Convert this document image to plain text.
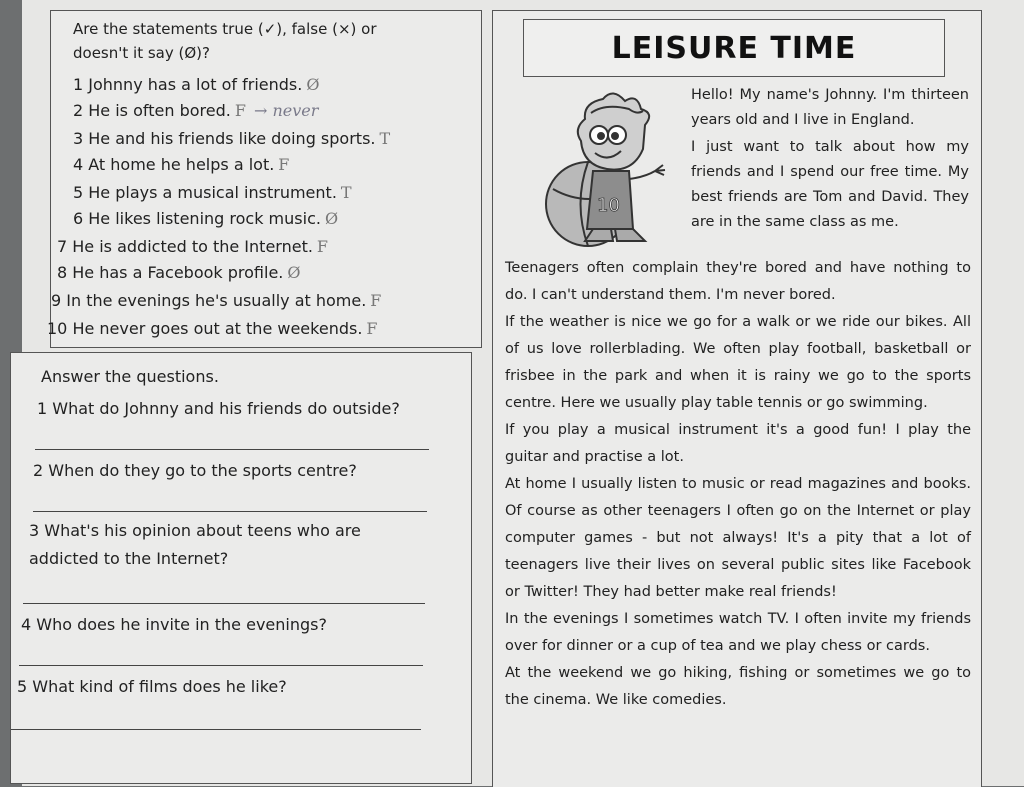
Are the statements true (✓), false (×) or doesn't it say (Ø)?

1 Johnny has a lot of friends. Ø
2 He is often bored. F → never
3 He and his friends like doing sports. T
4 At home he helps a lot. F
5 He plays a musical instrument. T
6 He likes listening rock music. Ø
7 He is addicted to the Internet. F
8 He has a Facebook profile. Ø
9 In the evenings he's usually at home. F
10 He never goes out at the weekends. F
Answer the questions.
1 What do Johnny and his friends do outside?
2 When do they go to the sports centre?
3 What's his opinion about teens who are addicted to the Internet?
4 Who does he invite in the evenings?
5 What kind of films does he like?
LEISURE TIME
10

Hello! My name's Johnny. I'm thirteen years old and I live in England.

I just want to talk about how my friends and I spend our free time. My best friends are Tom and David. They are in the same class as me.

Teenagers often complain they're bored and have nothing to do. I can't understand them. I'm never bored.

If the weather is nice we go for a walk or we ride our bikes. All of us love rollerblading. We often play football, basketball or frisbee in the park and when it is rainy we go to the sports centre. Here we usually play table tennis or go swimming.

If you play a musical instrument it's a good fun! I play the guitar and practise a lot.

At home I usually listen to music or read magazines and books. Of course as other teenagers I often go on the Internet or play computer games - but not always! It's a pity that a lot of teenagers live their lives on several public sites like Facebook or Twitter! They had better make real friends!

In the evenings I sometimes watch TV. I often invite my friends over for dinner or a cup of tea and we play chess or cards.

At the weekend we go hiking, fishing or sometimes we go to the cinema. We like comedies.
